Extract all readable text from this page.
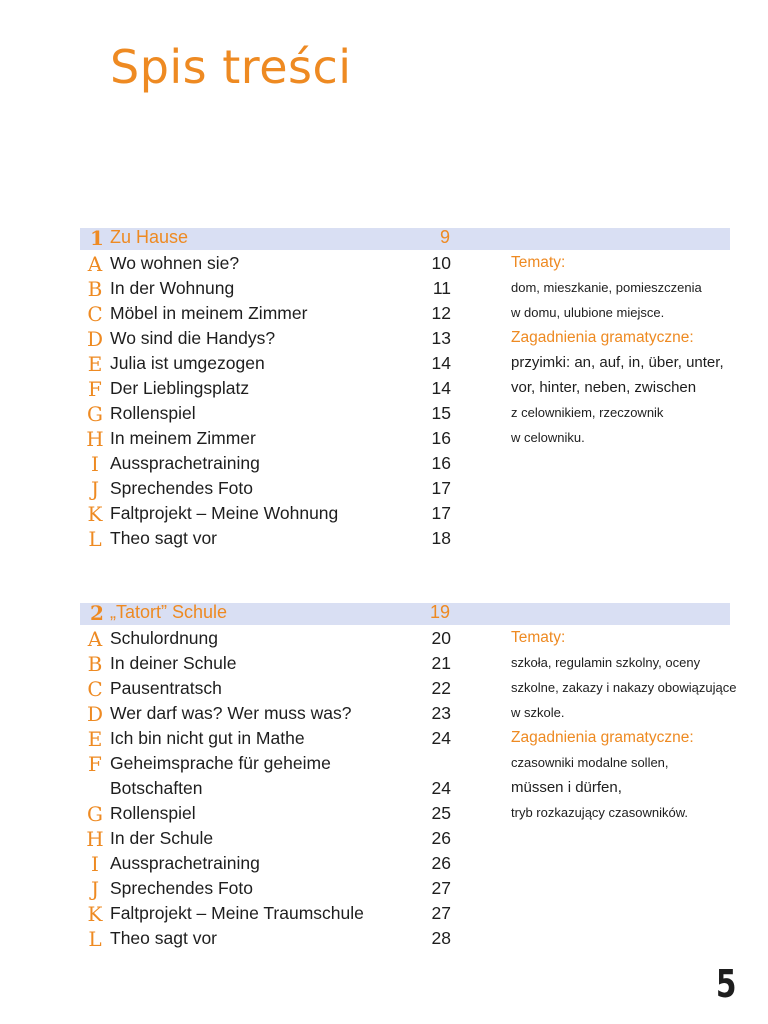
Spis treści
1 Zu Hause	9
A Wo wohnen sie?	10
B In der Wohnung	11
C Möbel in meinem Zimmer	12
D Wo sind die Handys?	13
E Julia ist umgezogen	14
F Der Lieblingsplatz	14
G Rollenspiel	15
H In meinem Zimmer	16
I Aussprachetraining	16
J Sprechendes Foto	17
K Faltprojekt – Meine Wohnung	17
L Theo sagt vor	18
Tematy:
dom, mieszkanie, pomieszczenia
w domu, ulubione miejsce.
Zagadnienia gramatyczne:
przyimki: an, auf, in, über, unter,
vor, hinter, neben, zwischen
z celownikiem, rzeczownik
w celowniku.
2 „Tatort” Schule	19
A Schulordnung	20
B In deiner Schule	21
C Pausentratsch	22
D Wer darf was? Wer muss was?	23
E Ich bin nicht gut in Mathe	24
F Geheimsprache für geheime
Botschaften	24
G Rollenspiel	25
H In der Schule	26
I Aussprachetraining	26
J Sprechendes Foto	27
K Faltprojekt – Meine Traumschule	27
L Theo sagt vor	28
Tematy:
szkoła, regulamin szkolny, oceny
szkolne, zakazy i nakazy obowiązujące
w szkole.
Zagadnienia gramatyczne:
czasowniki modalne sollen,
müssen i dürfen,
tryb rozkazujący czasowników.

5
